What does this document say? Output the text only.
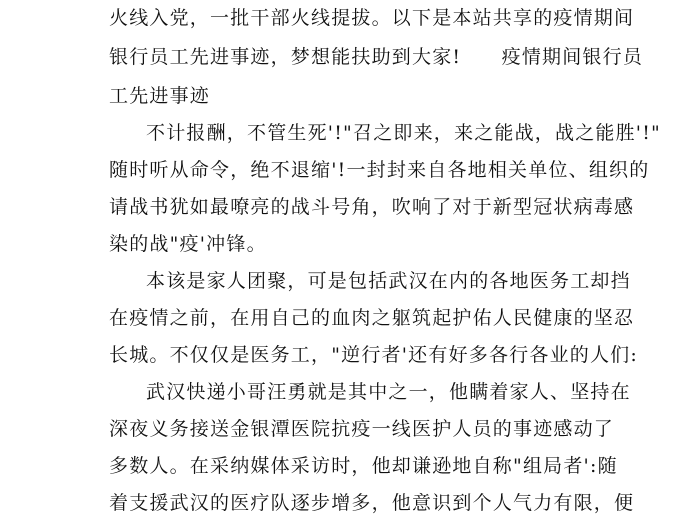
火线入党，一批干部火线提拔。以下是本站共享的疫情期间
银行员工先进事迹，梦想能扶助到大家!　　疫情期间银行员
工先进事迹
不计报酬，不管生死'!"召之即来，来之能战，战之能胜'!"
随时听从命令，绝不退缩'!一封封来自各地相关单位、组织的
请战书犹如最嘹亮的战斗号角，吹响了对于新型冠状病毒感
染的战"疫'冲锋。
本该是家人团聚，可是包括武汉在内的各地医务工却挡
在疫情之前，在用自己的血肉之躯筑起护佑人民健康的坚忍
长城。不仅仅是医务工，"逆行者'还有好多各行各业的人们:
武汉快递小哥汪勇就是其中之一，他瞒着家人、坚持在
深夜义务接送金银潭医院抗疫一线医护人员的事迹感动了
多数人。在采纳媒体采访时，他却谦逊地自称"组局者':随
着支援武汉的医疗队逐步增多，他意识到个人气力有限，便
